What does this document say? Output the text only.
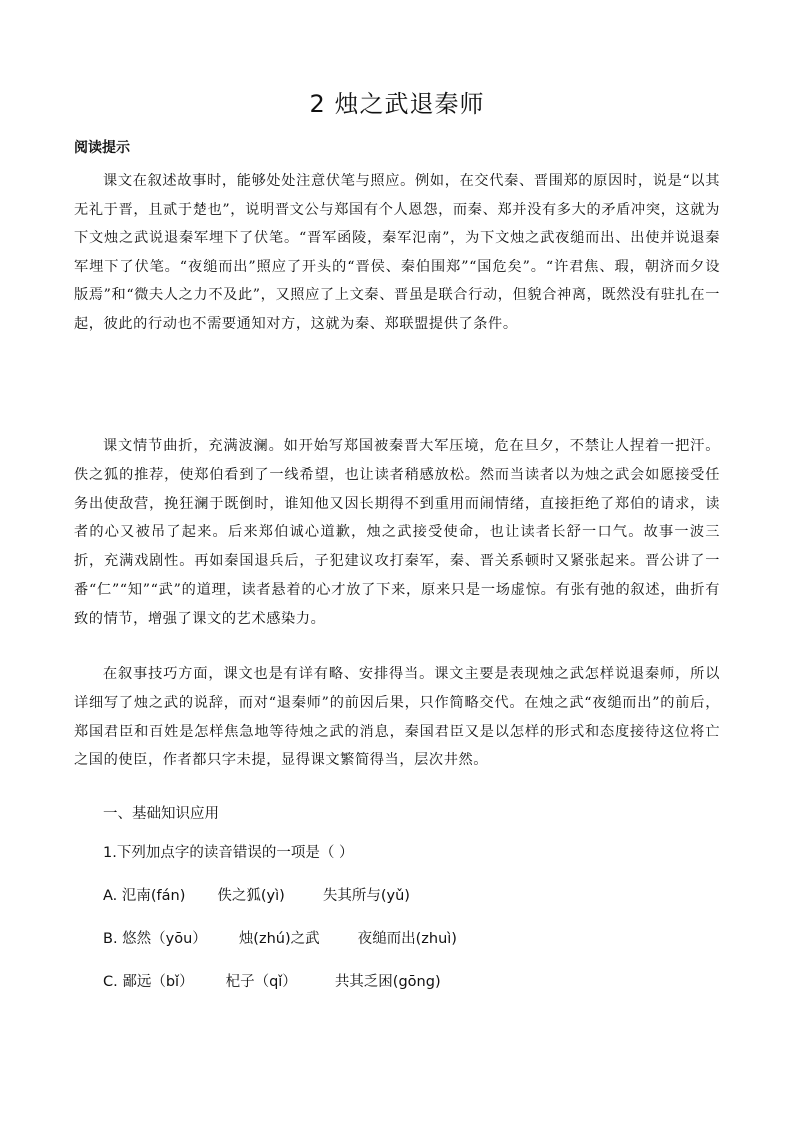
2 烛之武退秦师
阅读提示

课文在叙述故事时，能够处处注意伏笔与照应。例如，在交代秦、晋围郑的原因时，说是“以其无礼于晋，且贰于楚也”，说明晋文公与郑国有个人恩怨，而秦、郑并没有多大的矛盾冲突，这就为下文烛之武说退秦军埋下了伏笔。“晋军函陵，秦军氾南”，为下文烛之武夜缒而出、出使并说退秦军埋下了伏笔。“夜缒而出”照应了开头的“晋侯、秦伯围郑”“国危矣”。“许君焦、瑕，朝济而夕设版焉”和“微夫人之力不及此”，又照应了上文秦、晋虽是联合行动，但貌合神离，既然没有驻扎在一起，彼此的行动也不需要通知对方，这就为秦、郑联盟提供了条件。

课文情节曲折，充满波澜。如开始写郑国被秦晋大军压境，危在旦夕，不禁让人捏着一把汗。佚之狐的推荐，使郑伯看到了一线希望，也让读者稍感放松。然而当读者以为烛之武会如愿接受任务出使敌营，挽狂澜于既倒时，谁知他又因长期得不到重用而闹情绪，直接拒绝了郑伯的请求，读者的心又被吊了起来。后来郑伯诚心道歉，烛之武接受使命，也让读者长舒一口气。故事一波三折，充满戏剧性。再如秦国退兵后，子犯建议攻打秦军，秦、晋关系顿时又紧张起来。晋公讲了一番“仁”“知”“武”的道理，读者悬着的心才放了下来，原来只是一场虚惊。有张有弛的叙述，曲折有致的情节，增强了课文的艺术感染力。

在叙事技巧方面，课文也是有详有略、安排得当。课文主要是表现烛之武怎样说退秦师，所以详细写了烛之武的说辞，而对“退秦师”的前因后果，只作简略交代。在烛之武“夜缒而出”的前后，郑国君臣和百姓是怎样焦急地等待烛之武的消息，秦国君臣又是以怎样的形式和态度接待这位将亡之国的使臣，作者都只字未提，显得课文繁简得当，层次井然。

一、基础知识应用
1.下列加点字的读音错误的一项是（ ）
A. 氾南(fán) 佚之狐(yì)	失其所与(yǔ)
B. 悠然（yōu） 烛(zhú)之武	夜缒而出(zhuì)
C. 鄙远（bǐ） 杞子（qǐ）	共其乏困(gōng)
